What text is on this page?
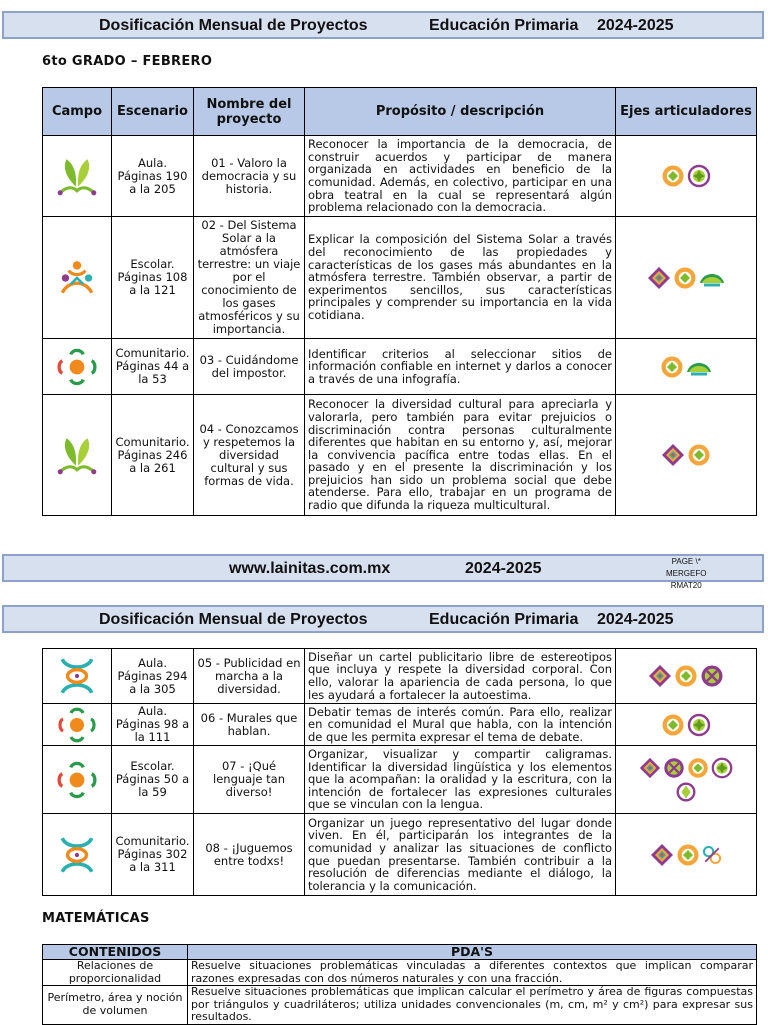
Dosificación Mensual de Proyectos	Educación Primaria 2024-2025
6to GRADO – FEBRERO
Campo	Escenario	Nombre del proyecto	Propósito / descripción	Ejes articuladores
	Aula. Páginas 190 a la 205	01 - Valoro la democracia y su historia.	Reconocer la importancia de la democracia, de construir acuerdos y participar de manera organizada en actividades en beneficio de la comunidad. Además, en colectivo, participar en una obra teatral en la cual se representará algún problema relacionado con la democracia.	
	Escolar. Páginas 108 a la 121	02 - Del Sistema Solar a la atmósfera terrestre: un viaje por el conocimiento de los gases atmosféricos y su importancia.	Explicar la composición del Sistema Solar a través del reconocimiento de las propiedades y características de los gases más abundantes en la atmósfera terrestre. También observar, a partir de experimentos sencillos, sus características principales y comprender su importancia en la vida cotidiana.	
	Comunitario. Páginas 44 a la 53	03 - Cuidándome del impostor.	Identificar criterios al seleccionar sitios de información confiable en internet y darlos a conocer a través de una infografía.	
	Comunitario. Páginas 246 a la 261	04 - Conozcamos y respetemos la diversidad cultural y sus formas de vida.	Reconocer la diversidad cultural para apreciarla y valorarla, pero también para evitar prejuicios o discriminación contra personas culturalmente diferentes que habitan en su entorno y, así, mejorar la convivencia pacífica entre todas ellas. En el pasado y en el presente la discriminación y los prejuicios han sido un problema social que debe atenderse. Para ello, trabajar en un programa de radio que difunda la riqueza multicultural.	
www.lainitas.com.mx	2024-2025	PAGE \*
MERGEFO
RMAT20
Dosificación Mensual de Proyectos	Educación Primaria 2024-2025
	Aula. Páginas 294 a la 305	05 - Publicidad en marcha a la diversidad.	Diseñar un cartel publicitario libre de estereotipos que incluya y respete la diversidad corporal. Con ello, valorar la apariencia de cada persona, lo que les ayudará a fortalecer la autoestima.	
	Aula. Páginas 98 a la 111	06 - Murales que hablan.	Debatir temas de interés común. Para ello, realizar en comunidad el Mural que habla, con la intención de que les permita expresar el tema de debate.	
	Escolar. Páginas 50 a la 59	07 - ¡Qué lenguaje tan diverso!	Organizar, visualizar y compartir caligramas. Identificar la diversidad lingüística y los elementos que la acompañan: la oralidad y la escritura, con la intención de fortalecer las expresiones culturales que se vinculan con la lengua.	

	Comunitario. Páginas 302 a la 311	08 - ¡Juguemos entre todxs!	Organizar un juego representativo del lugar donde viven. En él, participarán los integrantes de la comunidad y analizar las situaciones de conflicto que puedan presentarse. También contribuir a la resolución de diferencias mediante el diálogo, la tolerancia y la comunicación.	
MATEMÁTICAS
CONTENIDOS	PDA'S
Relaciones de proporcionalidad	Resuelve situaciones problemáticas vinculadas a diferentes contextos que implican comparar razones expresadas con dos números naturales y con una fracción.
Perímetro, área y noción de volumen	Resuelve situaciones problemáticas que implican calcular el perímetro y área de figuras compuestas por triángulos y cuadriláteros; utiliza unidades convencionales (m, cm, m² y cm²) para expresar sus resultados.
